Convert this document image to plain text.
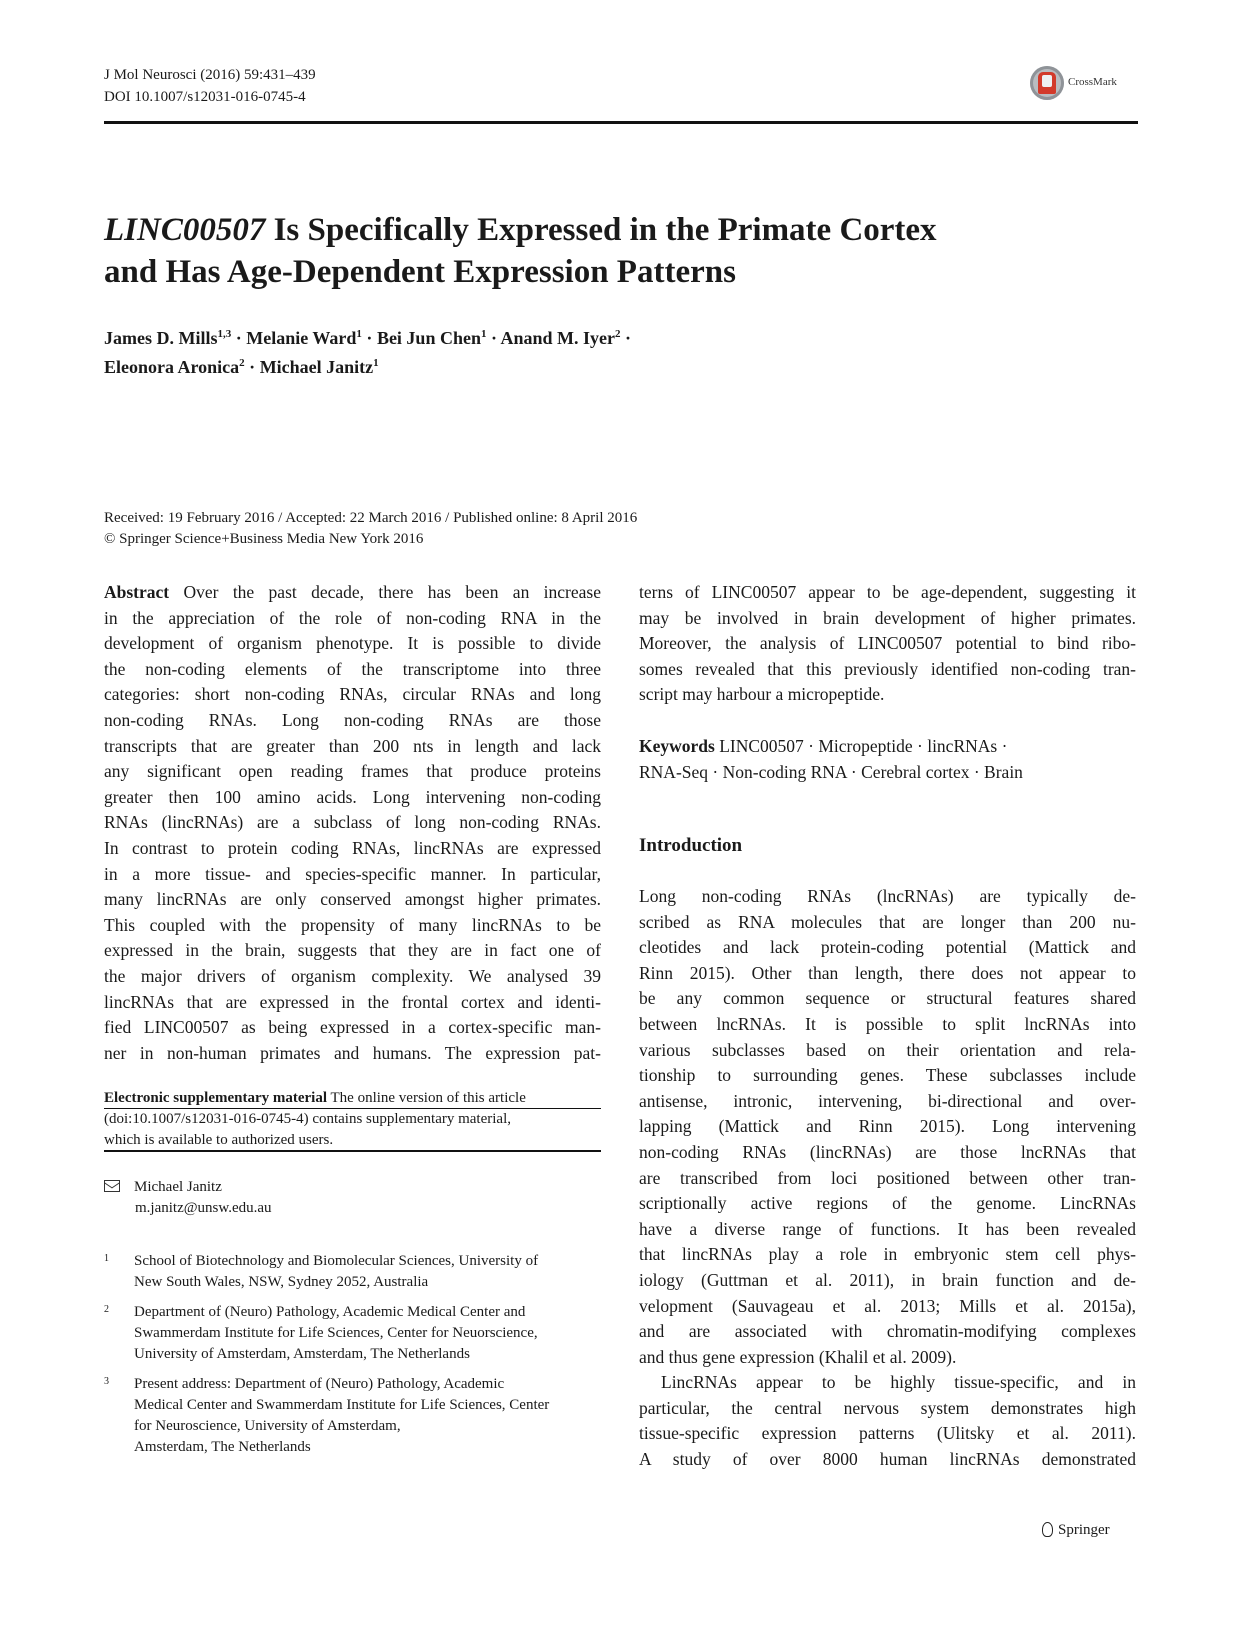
J Mol Neurosci (2016) 59:431–439
DOI 10.1007/s12031-016-0745-4
CrossMark
LINC00507 Is Specifically Expressed in the Primate Cortex
and Has Age-Dependent Expression Patterns
James D. Mills$^{1,3}$ · Melanie Ward$^1$ · Bei Jun Chen$^1$ · Anand M. Iyer$^2$ ·
Eleonora Aronica$^2$ · Michael Janitz$^1$
Received: 19 February 2016 / Accepted: 22 March 2016 / Published online: 8 April 2016
© Springer Science+Business Media New York 2016
Abstract Over the past decade, there has been an increase
in the appreciation of the role of non-coding RNA in the
development of organism phenotype. It is possible to divide
the non-coding elements of the transcriptome into three
categories: short non-coding RNAs, circular RNAs and long
non-coding RNAs. Long non-coding RNAs are those
transcripts that are greater than 200 nts in length and lack
any significant open reading frames that produce proteins
greater then 100 amino acids. Long intervening non-coding
RNAs (lincRNAs) are a subclass of long non-coding RNAs.
In contrast to protein coding RNAs, lincRNAs are expressed
in a more tissue- and species-specific manner. In particular,
many lincRNAs are only conserved amongst higher primates.
This coupled with the propensity of many lincRNAs to be
expressed in the brain, suggests that they are in fact one of
the major drivers of organism complexity. We analysed 39
lincRNAs that are expressed in the frontal cortex and identi-
fied LINC00507 as being expressed in a cortex-specific man-
ner in non-human primates and humans. The expression pat-
Electronic supplementary material The online version of this article
(doi:10.1007/s12031-016-0745-4) contains supplementary material,
which is available to authorized users.
Michael Janitz
m.janitz@unsw.edu.au
1 School of Biotechnology and Biomolecular Sciences, University of
New South Wales, NSW, Sydney 2052, Australia
2 Department of (Neuro) Pathology, Academic Medical Center and
Swammerdam Institute for Life Sciences, Center for Neuorscience,
University of Amsterdam, Amsterdam, The Netherlands
3 Present address: Department of (Neuro) Pathology, Academic
Medical Center and Swammerdam Institute for Life Sciences, Center
for Neuroscience, University of Amsterdam,
Amsterdam, The Netherlands
terns of LINC00507 appear to be age-dependent, suggesting it
may be involved in brain development of higher primates.
Moreover, the analysis of LINC00507 potential to bind ribo-
somes revealed that this previously identified non-coding tran-
script may harbour a micropeptide.
Keywords LINC00507 · Micropeptide · lincRNAs ·
RNA-Seq · Non-coding RNA · Cerebral cortex · Brain
Introduction
Long non-coding RNAs (lncRNAs) are typically de-
scribed as RNA molecules that are longer than 200 nu-
cleotides and lack protein-coding potential (Mattick and
Rinn 2015). Other than length, there does not appear to
be any common sequence or structural features shared
between lncRNAs. It is possible to split lncRNAs into
various subclasses based on their orientation and rela-
tionship to surrounding genes. These subclasses include
antisense, intronic, intervening, bi-directional and over-
lapping (Mattick and Rinn 2015). Long intervening
non-coding RNAs (lincRNAs) are those lncRNAs that
are transcribed from loci positioned between other tran-
scriptionally active regions of the genome. LincRNAs
have a diverse range of functions. It has been revealed
that lincRNAs play a role in embryonic stem cell phys-
iology (Guttman et al. 2011), in brain function and de-
velopment (Sauvageau et al. 2013; Mills et al. 2015a),
and are associated with chromatin-modifying complexes
and thus gene expression (Khalil et al. 2009).
LincRNAs appear to be highly tissue-specific, and in
particular, the central nervous system demonstrates high
tissue-specific expression patterns (Ulitsky et al. 2011).
A study of over 8000 human lincRNAs demonstrated
Springer
